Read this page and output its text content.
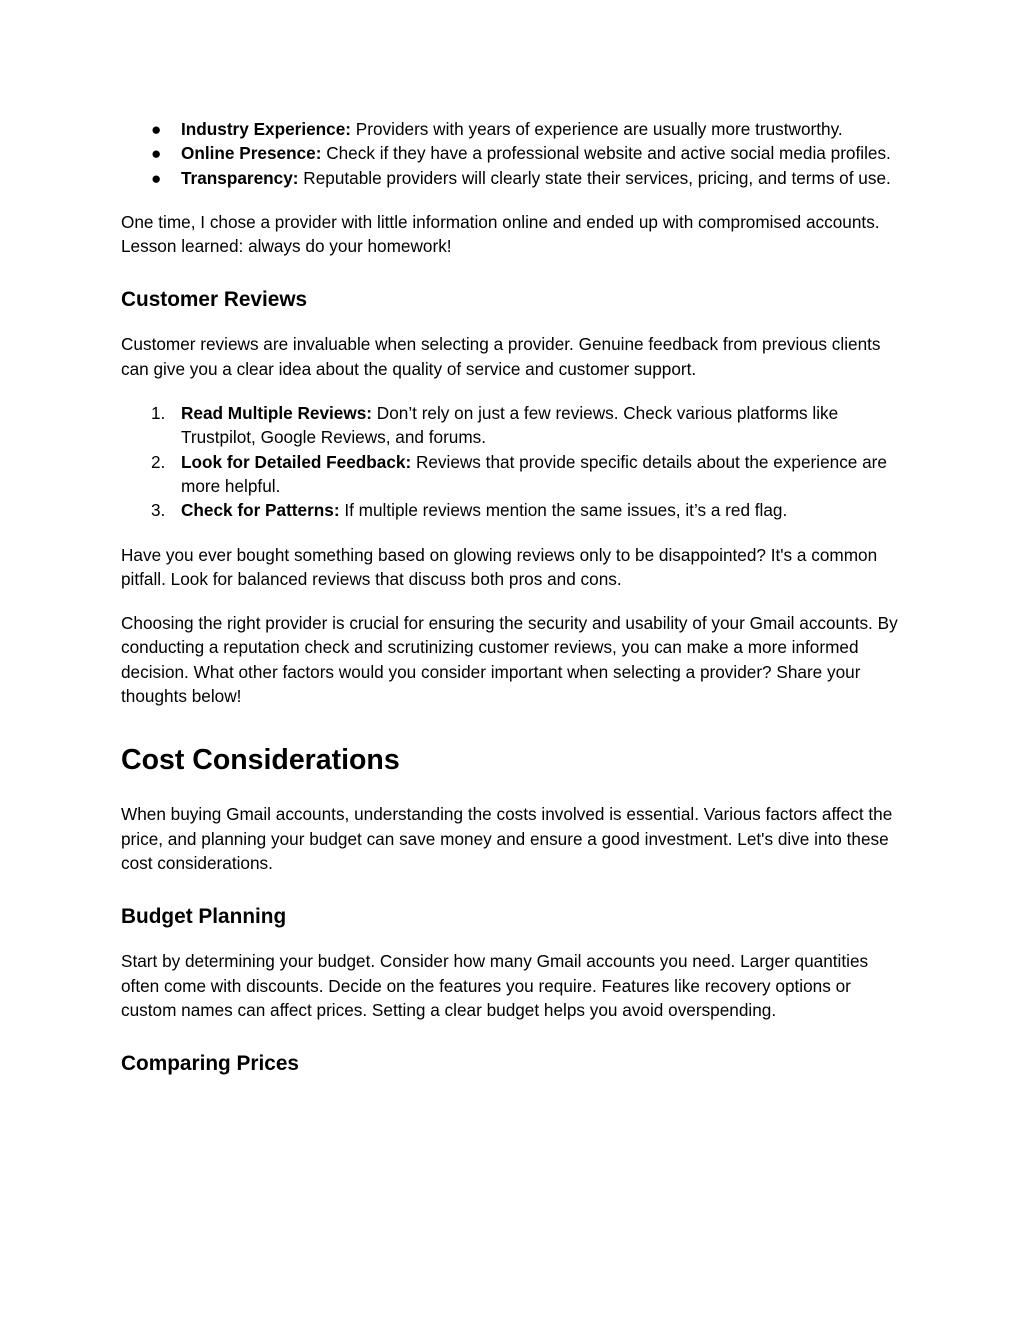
● Industry Experience: Providers with years of experience are usually more trustworthy.
● Online Presence: Check if they have a professional website and active social media profiles.
● Transparency: Reputable providers will clearly state their services, pricing, and terms of use.

One time, I chose a provider with little information online and ended up with compromised accounts. Lesson learned: always do your homework!

Customer Reviews

Customer reviews are invaluable when selecting a provider. Genuine feedback from previous clients can give you a clear idea about the quality of service and customer support.

1. Read Multiple Reviews: Don’t rely on just a few reviews. Check various platforms like Trustpilot, Google Reviews, and forums.
2. Look for Detailed Feedback: Reviews that provide specific details about the experience are more helpful.
3. Check for Patterns: If multiple reviews mention the same issues, it’s a red flag.

Have you ever bought something based on glowing reviews only to be disappointed? It's a common pitfall. Look for balanced reviews that discuss both pros and cons.

Choosing the right provider is crucial for ensuring the security and usability of your Gmail accounts. By conducting a reputation check and scrutinizing customer reviews, you can make a more informed decision. What other factors would you consider important when selecting a provider? Share your thoughts below!

Cost Considerations

When buying Gmail accounts, understanding the costs involved is essential. Various factors affect the price, and planning your budget can save money and ensure a good investment. Let's dive into these cost considerations.

Budget Planning

Start by determining your budget. Consider how many Gmail accounts you need. Larger quantities often come with discounts. Decide on the features you require. Features like recovery options or custom names can affect prices. Setting a clear budget helps you avoid overspending.

Comparing Prices
